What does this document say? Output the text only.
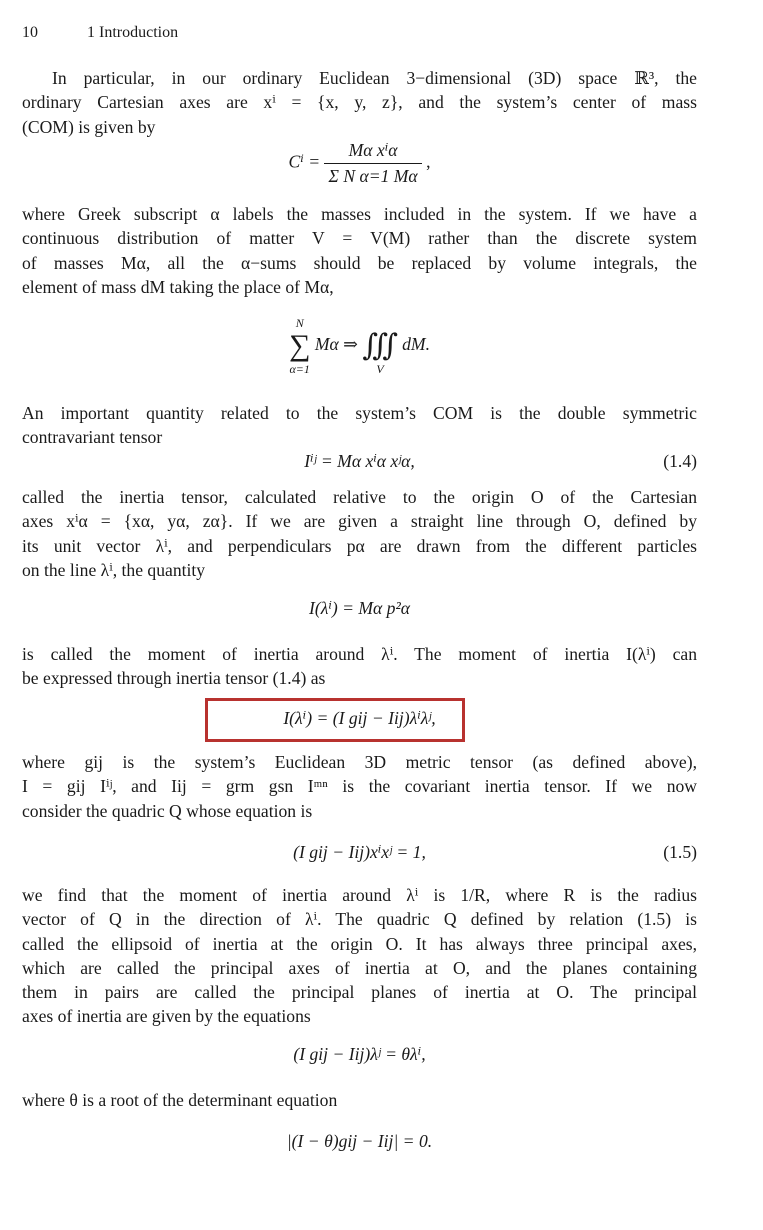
10	1 Introduction
In particular, in our ordinary Euclidean 3−dimensional (3D) space ℝ³, the
ordinary Cartesian axes are xⁱ = {x, y, z}, and the system’s center of mass
(COM) is given by
$C^i = \frac{\text{Mα xⁱα}}{\text{Σ N α=1 Mα}}$ ,
where Greek subscript α labels the masses included in the system. If we have a
continuous distribution of matter V = V(M) rather than the discrete system
of masses Mα, all the α−sums should be replaced by volume integrals, the
element of mass dM taking the place of Mα,
N
∑
α=1
Mα ⇒
∭
V
dM.
An important quantity related to the system’s COM is the double symmetric
contravariant tensor
Iⁱʲ = Mα xⁱα xʲα,	(1.4)
called the inertia tensor, calculated relative to the origin O of the Cartesian
axes xⁱα = {xα, yα, zα}. If we are given a straight line through O, defined by
its unit vector λⁱ, and perpendiculars pα are drawn from the different particles
on the line λⁱ, the quantity
I(λⁱ) = Mα p²α
is called the moment of inertia around λⁱ. The moment of inertia I(λⁱ) can
be expressed through inertia tensor (1.4) as
I(λⁱ) = (I gij − Iij)λⁱλʲ,
where gij is the system’s Euclidean 3D metric tensor (as defined above),
I = gij Iⁱʲ, and Iij = grm gsn Iᵐⁿ is the covariant inertia tensor. If we now
consider the quadric Q whose equation is
(I gij − Iij)xⁱxʲ = 1,	(1.5)
we find that the moment of inertia around λⁱ is 1/R, where R is the radius
vector of Q in the direction of λⁱ. The quadric Q defined by relation (1.5) is
called the ellipsoid of inertia at the origin O. It has always three principal axes,
which are called the principal axes of inertia at O, and the planes containing
them in pairs are called the principal planes of inertia at O. The principal
axes of inertia are given by the equations
(I gij − Iij)λʲ = θλⁱ,
where θ is a root of the determinant equation
|(I − θ)gij − Iij| = 0.
